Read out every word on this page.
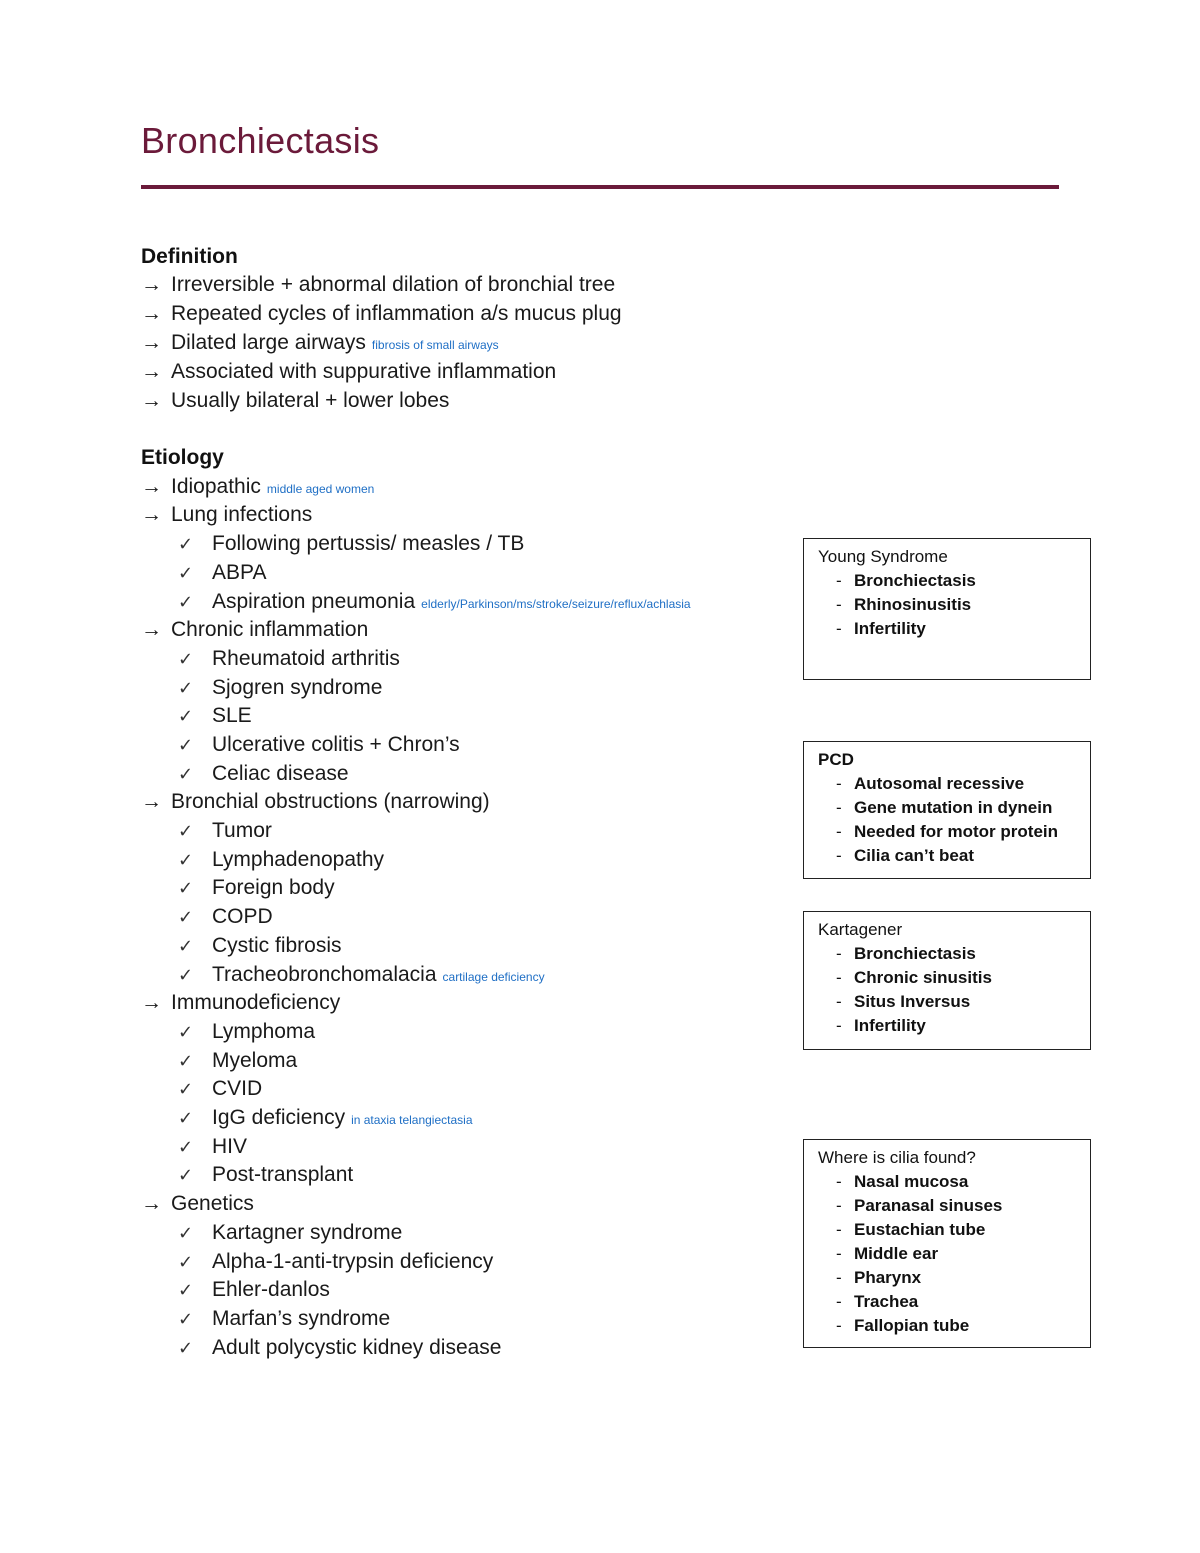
Bronchiectasis
Definition
→ Irreversible + abnormal dilation of bronchial tree
→ Repeated cycles of inflammation a/s mucus plug
→ Dilated large airways fibrosis of small airways
→ Associated with suppurative inflammation
→ Usually bilateral + lower lobes
Etiology
→ Idiopathic middle aged women
→ Lung infections
✓ Following pertussis/ measles / TB
✓ ABPA
✓ Aspiration pneumonia elderly/Parkinson/ms/stroke/seizure/reflux/achlasia
→ Chronic inflammation
✓ Rheumatoid arthritis
✓ Sjogren syndrome
✓ SLE
✓ Ulcerative colitis + Chron’s
✓ Celiac disease
→ Bronchial obstructions (narrowing)
✓ Tumor
✓ Lymphadenopathy
✓ Foreign body
✓ COPD
✓ Cystic fibrosis
✓ Tracheobronchomalacia cartilage deficiency
→ Immunodeficiency
✓ Lymphoma
✓ Myeloma
✓ CVID
✓ IgG deficiency in ataxia telangiectasia
✓ HIV
✓ Post-transplant
→ Genetics
✓ Kartagner syndrome
✓ Alpha-1-anti-trypsin deficiency
✓ Ehler-danlos
✓ Marfan’s syndrome
✓ Adult polycystic kidney disease
Young Syndrome
- Bronchiectasis
- Rhinosinusitis
- Infertility
PCD
- Autosomal recessive
- Gene mutation in dynein
- Needed for motor protein
- Cilia can’t beat
Kartagener
- Bronchiectasis
- Chronic sinusitis
- Situs Inversus
- Infertility
Where is cilia found?
- Nasal mucosa
- Paranasal sinuses
- Eustachian tube
- Middle ear
- Pharynx
- Trachea
- Fallopian tube
